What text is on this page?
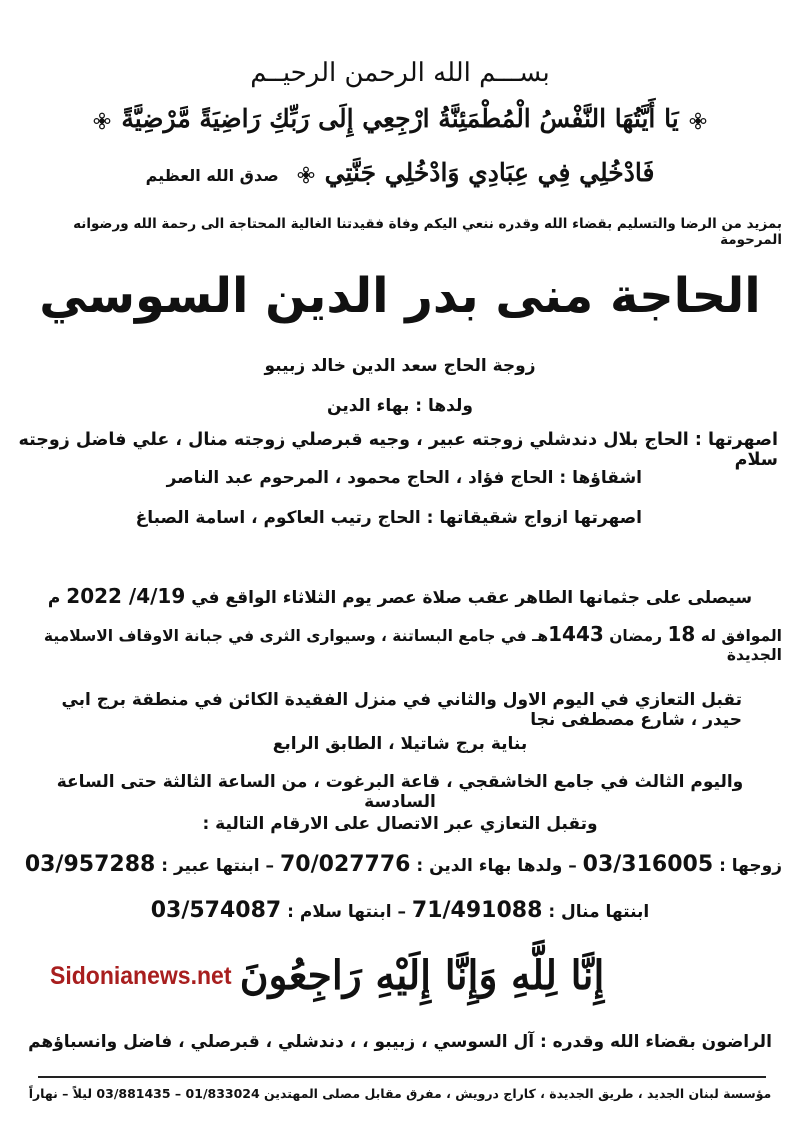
بســـم الله الرحمن الرحيــم
يَا أَيَّتُهَا النَّفْسُ الْمُطْمَئِنَّةُ ارْجِعِي إِلَى رَبِّكِ رَاضِيَةً مَّرْضِيَّةً
فَادْخُلِي فِي عِبَادِي وَادْخُلِي جَنَّتِيصدق الله العظيم
بمزيد من الرضا والتسليم بقضاء الله وقدره ننعي اليكم وفاة فقيدتنا الغالية المحتاجة الى رحمة الله ورضوانه المرحومة
الحاجة منى بدر الدين السوسي
زوجة الحاج سعد الدين خالد زبيبو
ولدها : بهاء الدين
اصهرتها : الحاج بلال دندشلي زوجته عبير ، وجيه قبرصلي زوجته منال ، علي فاضل زوجته سلام
اشقاؤها : الحاج فؤاد ، الحاج محمود ، المرحوم عبد الناصر
اصهرتها ازواج شقيقاتها : الحاج رتيب العاكوم ، اسامة الصباغ
سيصلى على جثمانها الطاهر عقب صلاة عصر يوم الثلاثاء الواقع في 2022 /4/19 م
الموافق له 18 رمضان 1443هـ في جامع البساتنة ، وسيوارى الثرى في جبانة الاوقاف الاسلامية الجديدة
تقبل التعازي في اليوم الاول والثاني في منزل الفقيدة الكائن في منطقة برج ابي حيدر ، شارع مصطفى نجا
بناية برج شاتيلا ، الطابق الرابع
واليوم الثالث في جامع الخاشقجي ، قاعة البرغوت ، من الساعة الثالثة حتى الساعة السادسة
وتقبل التعازي عبر الاتصال على الارقام التالية :
زوجها : 03/316005 – ولدها بهاء الدين : 70/027776 – ابنتها عبير : 03/957288
ابنتها منال : 71/491088 – ابنتها سلام : 03/574087
Sidonianews.net إِنَّا لِلَّهِ وَإِنَّا إِلَيْهِ رَاجِعُونَ
الراضون بقضاء الله وقدره : آل السوسي ، زبيبو ، ، دندشلي ، قبرصلي ، فاضل وانسباؤهم
مؤسسة لبنان الجديد ، طريق الجديدة ، كاراج درويش ، مفرق مقابل مصلى المهتدين 01/833024 – 03/881435 ليلاً – نهاراً
